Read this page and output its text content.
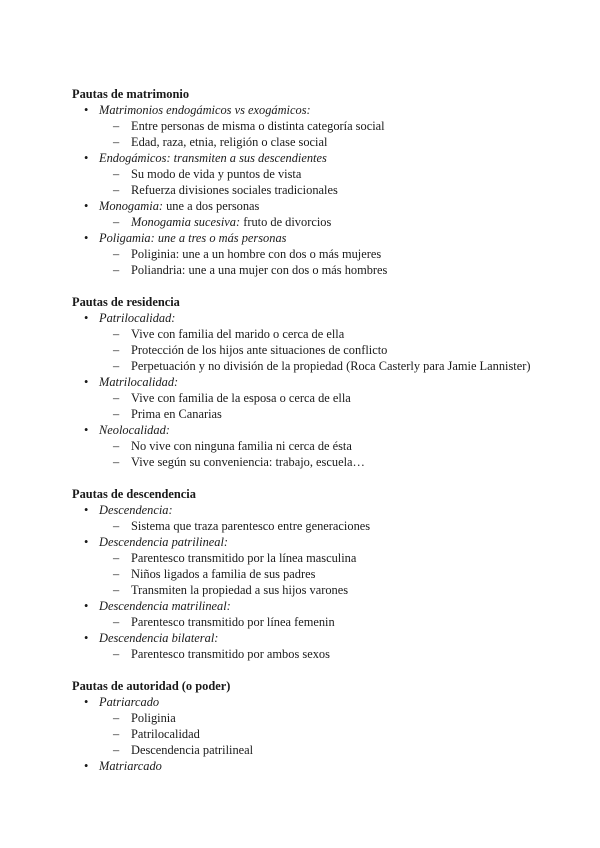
Pautas de matrimonio
• Matrimonios endogámicos vs exogámicos:
– Entre personas de misma o distinta categoría social
– Edad, raza, etnia, religión o clase social
• Endogámicos: transmiten a sus descendientes
– Su modo de vida y puntos de vista
– Refuerza divisiones sociales tradicionales
• Monogamia: une a dos personas
– Monogamia sucesiva: fruto de divorcios
• Poligamia: une a tres o más personas
– Poliginia: une a un hombre con dos o más mujeres
– Poliandria: une a una mujer con dos o más hombres
Pautas de residencia
• Patrilocalidad:
– Vive con familia del marido o cerca de ella
– Protección de los hijos ante situaciones de conflicto
– Perpetuación y no división de la propiedad (Roca Casterly para Jamie Lannister)
• Matrilocalidad:
– Vive con familia de la esposa o cerca de ella
– Prima en Canarias
• Neolocalidad:
– No vive con ninguna familia ni cerca de ésta
– Vive según su conveniencia: trabajo, escuela…
Pautas de descendencia
• Descendencia:
– Sistema que traza parentesco entre generaciones
• Descendencia patrilineal:
– Parentesco transmitido por la línea masculina
– Niños ligados a familia de sus padres
– Transmiten la propiedad a sus hijos varones
• Descendencia matrilineal:
– Parentesco transmitido por línea femenin
• Descendencia bilateral:
– Parentesco transmitido por ambos sexos
Pautas de autoridad (o poder)
• Patriarcado
– Poliginia
– Patrilocalidad
– Descendencia patrilineal
• Matriarcado
